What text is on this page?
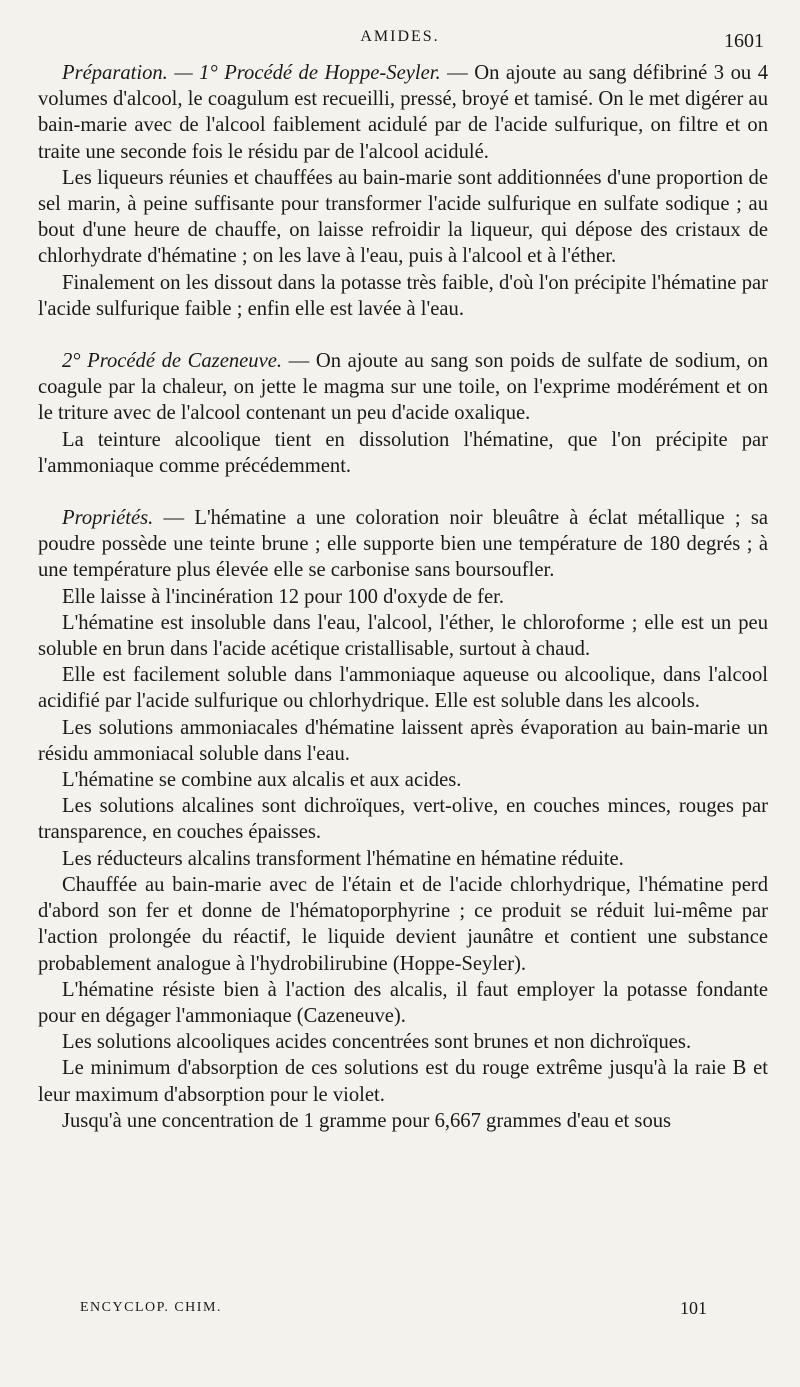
AMIDES.	1601

Préparation. — 1° Procédé de Hoppe-Seyler. — On ajoute au sang défibriné 3 ou 4 volumes d'alcool, le coagulum est recueilli, pressé, broyé et tamisé. On le met digérer au bain-marie avec de l'alcool faiblement acidulé par de l'acide sulfurique, on filtre et on traite une seconde fois le résidu par de l'alcool acidulé.

Les liqueurs réunies et chauffées au bain-marie sont additionnées d'une proportion de sel marin, à peine suffisante pour transformer l'acide sulfurique en sulfate sodique ; au bout d'une heure de chauffe, on laisse refroidir la liqueur, qui dépose des cristaux de chlorhydrate d'hématine ; on les lave à l'eau, puis à l'alcool et à l'éther.

Finalement on les dissout dans la potasse très faible, d'où l'on précipite l'hématine par l'acide sulfurique faible ; enfin elle est lavée à l'eau.

2° Procédé de Cazeneuve. — On ajoute au sang son poids de sulfate de sodium, on coagule par la chaleur, on jette le magma sur une toile, on l'exprime modérément et on le triture avec de l'alcool contenant un peu d'acide oxalique.

La teinture alcoolique tient en dissolution l'hématine, que l'on précipite par l'ammoniaque comme précédemment.

Propriétés. — L'hématine a une coloration noir bleuâtre à éclat métallique ; sa poudre possède une teinte brune ; elle supporte bien une température de 180 degrés ; à une température plus élevée elle se carbonise sans boursoufler.

Elle laisse à l'incinération 12 pour 100 d'oxyde de fer.

L'hématine est insoluble dans l'eau, l'alcool, l'éther, le chloroforme ; elle est un peu soluble en brun dans l'acide acétique cristallisable, surtout à chaud.

Elle est facilement soluble dans l'ammoniaque aqueuse ou alcoolique, dans l'alcool acidifié par l'acide sulfurique ou chlorhydrique. Elle est soluble dans les alcools.

Les solutions ammoniacales d'hématine laissent après évaporation au bain-marie un résidu ammoniacal soluble dans l'eau.

L'hématine se combine aux alcalis et aux acides.

Les solutions alcalines sont dichroïques, vert-olive, en couches minces, rouges par transparence, en couches épaisses.

Les réducteurs alcalins transforment l'hématine en hématine réduite.

Chauffée au bain-marie avec de l'étain et de l'acide chlorhydrique, l'hématine perd d'abord son fer et donne de l'hématoporphyrine ; ce produit se réduit lui-même par l'action prolongée du réactif, le liquide devient jaunâtre et contient une substance probablement analogue à l'hydrobilirubine (Hoppe-Seyler).

L'hématine résiste bien à l'action des alcalis, il faut employer la potasse fondante pour en dégager l'ammoniaque (Cazeneuve).

Les solutions alcooliques acides concentrées sont brunes et non dichroïques.

Le minimum d'absorption de ces solutions est du rouge extrême jusqu'à la raie B et leur maximum d'absorption pour le violet.

Jusqu'à une concentration de 1 gramme pour 6,667 grammes d'eau et sous

ENCYCLOP. CHIM.	101
